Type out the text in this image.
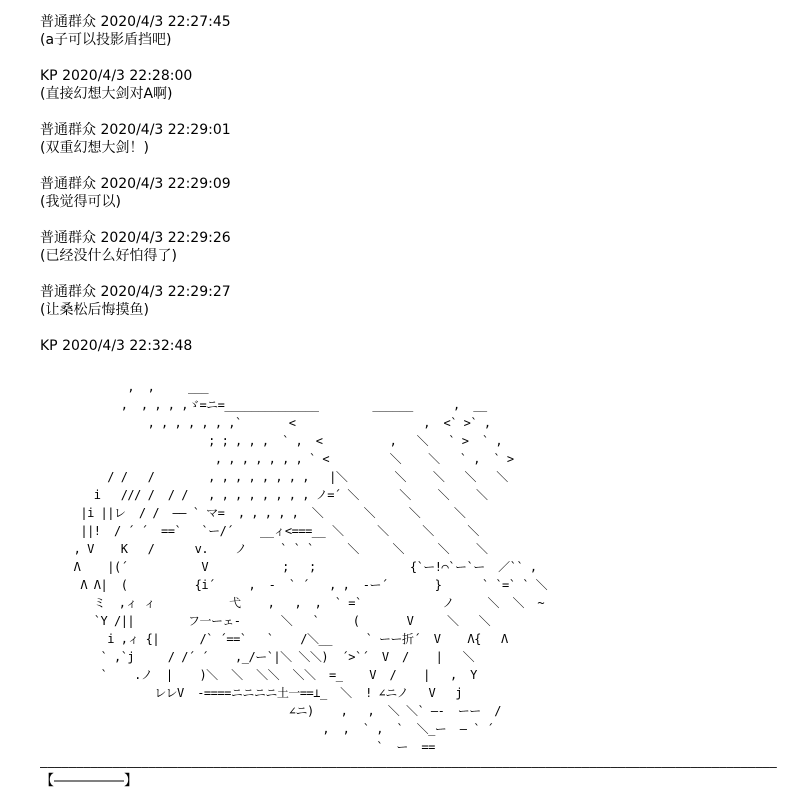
普通群众 2020/4/3 22:27:45
(a子可以投影盾挡吧)
KP 2020/4/3 22:28:00
(直接幻想大剑对A啊)
普通群众 2020/4/3 22:29:01
(双重幻想大剑！)
普通群众 2020/4/3 22:29:09
(我觉得可以)
普通群众 2020/4/3 22:29:26
(已经没什么好怕得了)
普通群众 2020/4/3 22:29:27
(让桑松后悔摸鱼)
KP 2020/4/3 22:32:48
,  ,     ___
,  , , , ,ゞ=ニ=______________        ______      ,  __
, , , , , , ,`       <                   ,  <` >` ,
; ; , , ,  ` ,  <          ,   ＼   ` >  ` ,
, , , , , , , ` <         ＼    ＼   ` ,  ` >
/ /   /        , , , , , , , ,   |＼       ＼    ＼   ＼   ＼
i   /// /  / /   , , , , , , , , ノ=´ ＼      ＼    ＼    ＼
|i ||レ  / /  ―― ` マ=  , , , , ,  ＼      ＼     ＼     ＼
||!  / ´ ´  ==`   `ー/´    __ィ<===__ ＼     ＼     ＼     ＼
, V    K   /      v.    ノ     ` ` `     ＼     ＼     ＼    ＼
Λ    |(´           V           ;   ;              {`ー!⌒`ー`ー  ／`` ,
Λ Λ|  (          {i´     ,  -  ` ´   , ,  -ー´       }      ` `=` ` ＼
ミ  ,ィ ィ           弋    ,   ,  ,  ` =`            ノ     ＼  ＼  ~
`Y /||        フ一ーェ-      ＼   `     (       V     ＼   ＼
i ,ィ {|      /` ´==`   `    /＼__     ` ーー折´  V    Λ{   Λ
` ,`j     / /´ ´    ,_/ー`|＼ ＼＼)  ´>`´  V  /    |   ＼
`    .ノ  |    )＼  ＼  ＼＼  ＼＼  =_    V  /    |   ,  Y
レレV  -====ニニニニ土一==⊥_  ＼  ! ∠ニノ   V   j
∠ニ)    ,   ,  ＼ ＼` ―-  ーー  /
,  ,  ` ,  `  ＼_ー  ― ` ´
`  ー  ==
――――――――――――――――――――――――――――――――――――――――――――――――――――――――――――――――――――――――――――――――――――――――――――――――――――――
【―――――】
